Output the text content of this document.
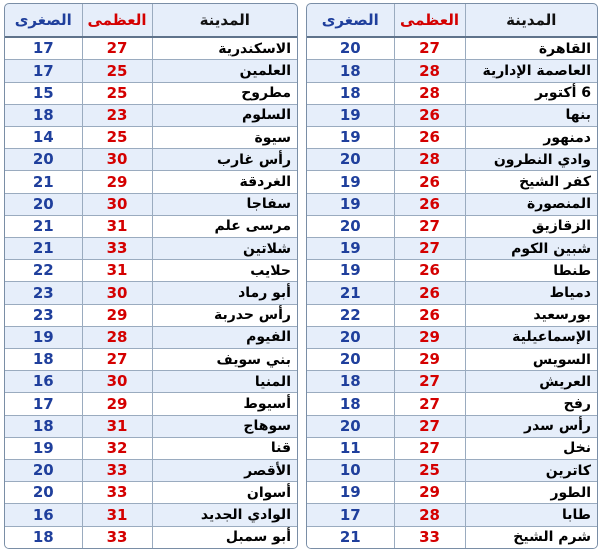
المدينة	العظمى	الصغرى
القاهرة	27	20
العاصمة الإدارية	28	18
6 أكتوبر	28	18
بنها	26	19
دمنهور	26	19
وادي النطرون	28	20
كفر الشيخ	26	19
المنصورة	26	19
الزقازيق	27	20
شبين الكوم	27	19
طنطا	26	19
دمياط	26	21
بورسعيد	26	22
الإسماعيلية	29	20
السويس	29	20
العريش	27	18
رفح	27	18
رأس سدر	27	20
نخل	27	11
كاترين	25	10
الطور	29	19
طابا	28	17
شرم الشيخ	33	21
المدينة	العظمى	الصغرى
الاسكندرية	27	17
العلمين	25	17
مطروح	25	15
السلوم	23	18
سيوة	25	14
رأس غارب	30	20
الغردقة	29	21
سفاجا	30	20
مرسى علم	31	21
شلاتين	33	21
حلايب	31	22
أبو رماد	30	23
رأس حدربة	29	23
الفيوم	28	19
بني سويف	27	18
المنيا	30	16
أسيوط	29	17
سوهاج	31	18
قنا	32	19
الأقصر	33	20
أسوان	33	20
الوادي الجديد	31	16
أبو سمبل	33	18
